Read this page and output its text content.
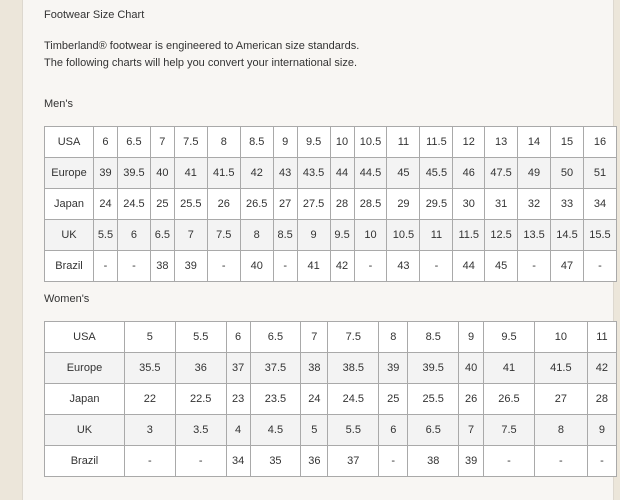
Footwear Size Chart
Timberland® footwear is engineered to American size standards.
The following charts will help you convert your international size.
Men's
USA	6	6.5	7	7.5	8	8.5	9	9.5	10	10.5	11	11.5	12	13	14	15	16
Europe	39	39.5	40	41	41.5	42	43	43.5	44	44.5	45	45.5	46	47.5	49	50	51
Japan	24	24.5	25	25.5	26	26.5	27	27.5	28	28.5	29	29.5	30	31	32	33	34
UK	5.5	6	6.5	7	7.5	8	8.5	9	9.5	10	10.5	11	11.5	12.5	13.5	14.5	15.5
Brazil	-	-	38	39	-	40	-	41	42	-	43	-	44	45	-	47	-
Women's
USA	5	5.5	6	6.5	7	7.5	8	8.5	9	9.5	10	11
Europe	35.5	36	37	37.5	38	38.5	39	39.5	40	41	41.5	42
Japan	22	22.5	23	23.5	24	24.5	25	25.5	26	26.5	27	28
UK	3	3.5	4	4.5	5	5.5	6	6.5	7	7.5	8	9
Brazil	-	-	34	35	36	37	-	38	39	-	-	-
